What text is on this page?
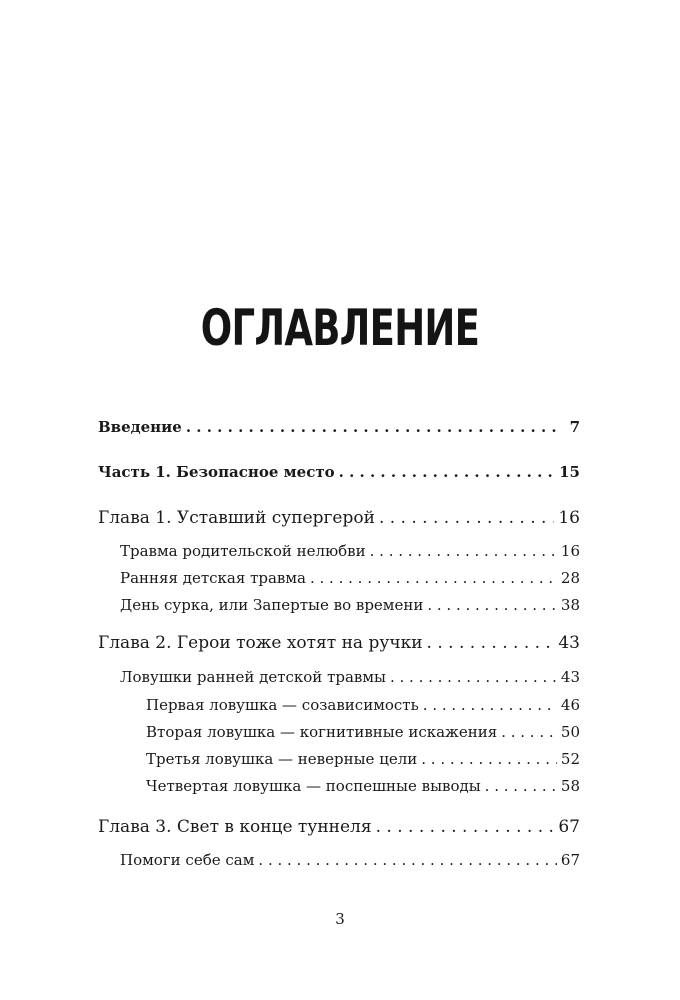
ОГЛАВЛЕНИЕ
Введение . . .	7
Часть 1. Безопасное место . . .	15
Глава 1. Уставший супергерой . . .	16
Травма родительской нелюбви . . .	16
Ранняя детская травма . . .	28
День сурка, или Запертые во времени . . .	38
Глава 2. Герои тоже хотят на ручки . . .	43
Ловушки ранней детской травмы . . .	43
Первая ловушка — созависимость . . .	46
Вторая ловушка — когнитивные искажения . . .	50
Третья ловушка — неверные цели . . .	52
Четвертая ловушка — поспешные выводы . . .	58
Глава 3. Свет в конце туннеля . . .	67
Помоги себе сам . . .	67
3
